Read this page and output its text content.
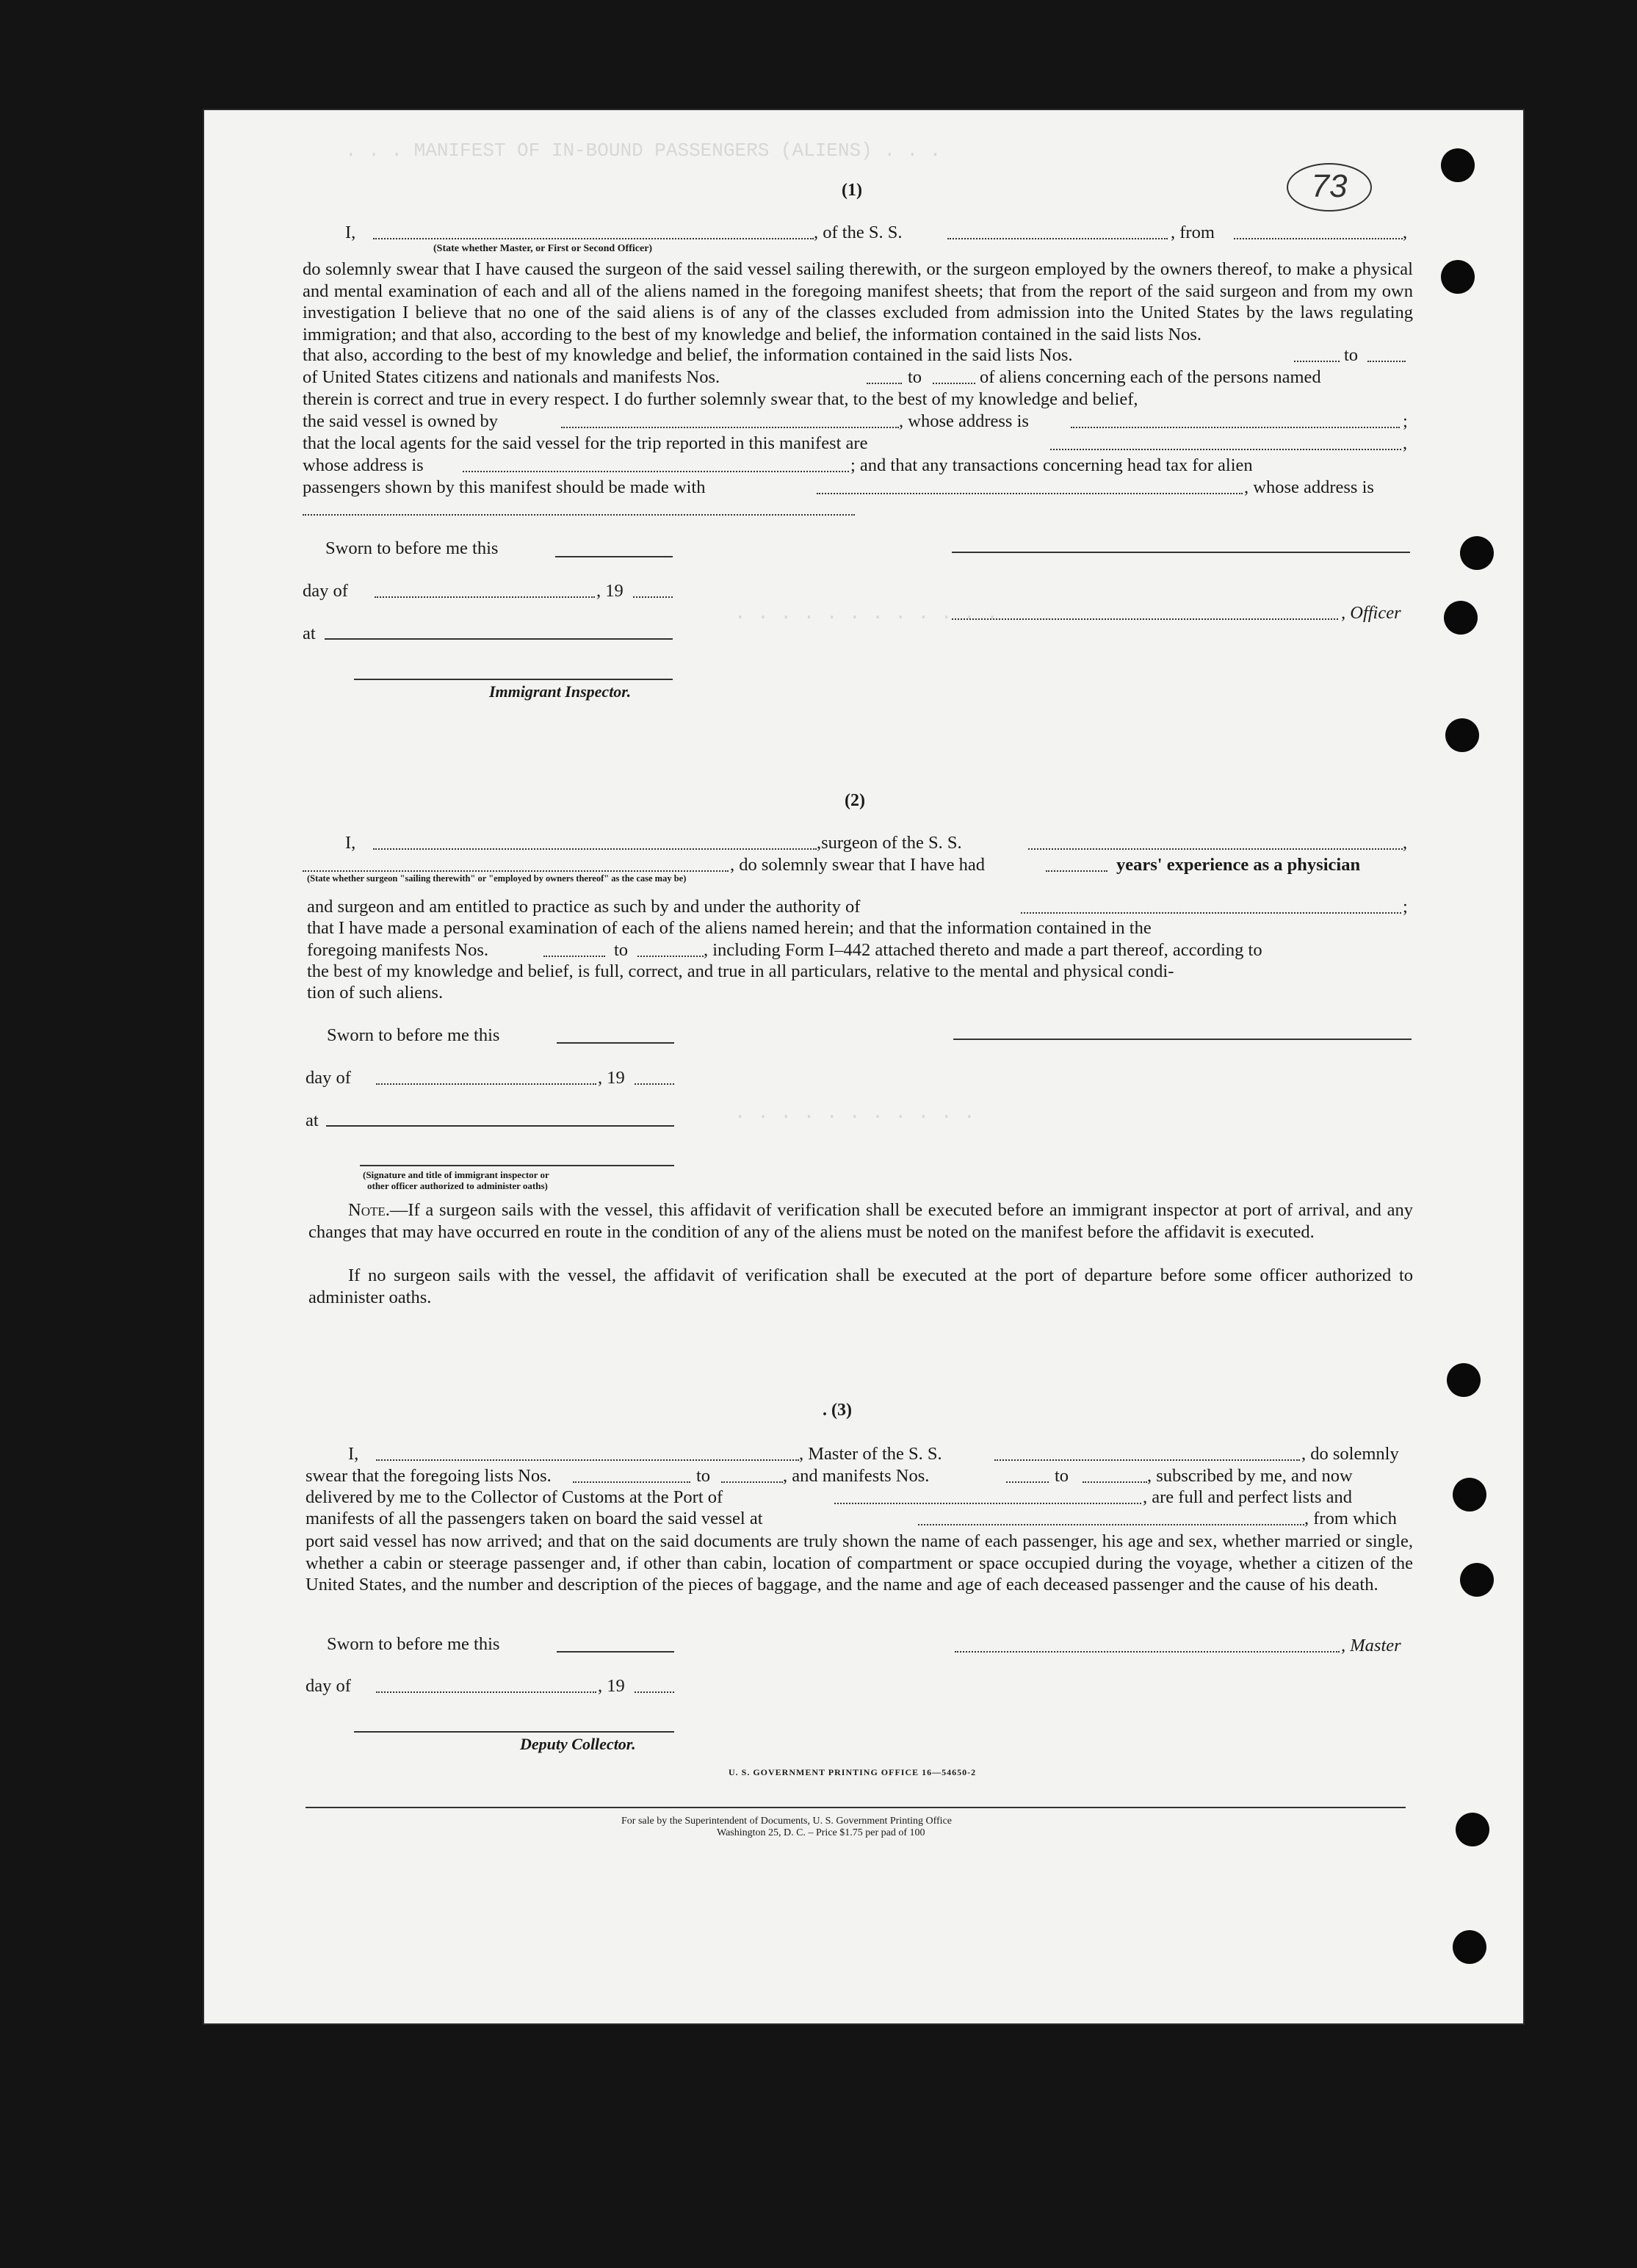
. . . MANIFEST OF IN-BOUND PASSENGERS (ALIENS) . . .
. . . . . . . . . . . .
. . . . . . . . . . .
73
(1)
I,	, of the S. S.	, from	,
(State whether Master, or First or Second Officer)
do solemnly swear that I have caused the surgeon of the said vessel sailing therewith, or the surgeon employed by the owners thereof, to make a physical and mental examination of each and all of the aliens named in the foregoing manifest sheets; that from the report of the said surgeon and from my own investigation I believe that no one of the said aliens is of any of the classes excluded from admission into the United States by the laws regulating immigration; and that also, according to the best of my knowledge and belief, the information contained in the said lists Nos.
that also, according to the best of my knowledge and belief, the information contained in the said lists Nos.	to
of United States citizens and nationals and manifests Nos.	to	of aliens concerning each of the persons named
therein is correct and true in every respect. I do further solemnly swear that, to the best of my knowledge and belief,
the said vessel is owned by	, whose address is	;
that the local agents for the said vessel for the trip reported in this manifest are	,
whose address is	; and that any transactions concerning head tax for alien
passengers shown by this manifest should be made with	, whose address is
Sworn to before me this
day of	, 19
, Officer
at
Immigrant Inspector.
(2)
I,	,surgeon of the S. S.	,
, do solemnly swear that I have had	years' experience as a physician
(State whether surgeon "sailing therewith" or "employed by owners thereof" as the case may be)
and surgeon and am entitled to practice as such by and under the authority of	;
that I have made a personal examination of each of the aliens named herein; and that the information contained in the
foregoing manifests Nos.	to	, including Form I–442 attached thereto and made a part thereof, according to
the best of my knowledge and belief, is full, correct, and true in all particulars, relative to the mental and physical condi-
tion of such aliens.
Sworn to before me this
day of	, 19
at
(Signature and title of immigrant inspector or
other officer authorized to administer oaths)
Note.—If a surgeon sails with the vessel, this affidavit of verification shall be executed before an immigrant inspector at port of arrival, and any changes that may have occurred en route in the condition of any of the aliens must be noted on the manifest before the affidavit is executed.
If no surgeon sails with the vessel, the affidavit of verification shall be executed at the port of departure before some officer authorized to administer oaths.
. (3)
I,	, Master of the S. S.	, do solemnly
swear that the foregoing lists Nos.	to	, and manifests Nos.	to	, subscribed by me, and now
delivered by me to the Collector of Customs at the Port of	, are full and perfect lists and
manifests of all the passengers taken on board the said vessel at	, from which
port said vessel has now arrived; and that on the said documents are truly shown the name of each passenger, his age and sex, whether married or single, whether a cabin or steerage passenger and, if other than cabin, location of compartment or space occupied during the voyage, whether a citizen of the United States, and the number and description of the pieces of baggage, and the name and age of each deceased passenger and the cause of his death.
Sworn to before me this	, Master
day of	, 19
Deputy Collector.
U. S. GOVERNMENT PRINTING OFFICE 16—54650‑2
For sale by the Superintendent of Documents, U. S. Government Printing Office
Washington 25, D. C. – Price $1.75 per pad of 100
